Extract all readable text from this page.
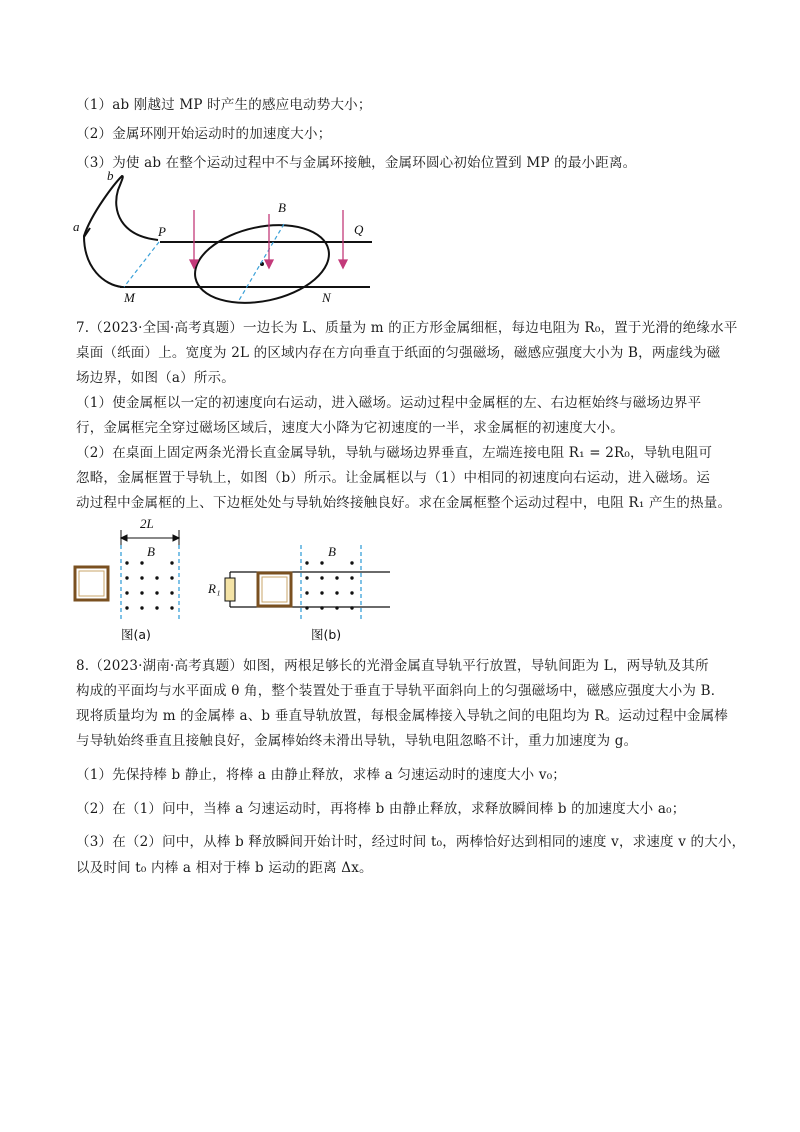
（1）ab 刚越过 MP 时产生的感应电动势大小；
（2）金属环刚开始运动时的加速度大小；
（3）为使 ab 在整个运动过程中不与金属环接触，金属环圆心初始位置到 MP 的最小距离。
b
a	P
B
Q
M	N
7.（2023·全国·高考真题）一边长为 L、质量为 m 的正方形金属细框，每边电阻为 R₀，置于光滑的绝缘水平
桌面（纸面）上。宽度为 2L 的区域内存在方向垂直于纸面的匀强磁场，磁感应强度大小为 B，两虚线为磁
场边界，如图（a）所示。
（1）使金属框以一定的初速度向右运动，进入磁场。运动过程中金属框的左、右边框始终与磁场边界平
行，金属框完全穿过磁场区域后，速度大小降为它初速度的一半，求金属框的初速度大小。
（2）在桌面上固定两条光滑长直金属导轨，导轨与磁场边界垂直，左端连接电阻 R₁ = 2R₀，导轨电阻可
忽略，金属框置于导轨上，如图（b）所示。让金属框以与（1）中相同的初速度向右运动，进入磁场。运
动过程中金属框的上、下边框处处与导轨始终接触良好。求在金属框整个运动过程中，电阻 R₁ 产生的热量。
2L
B	B
R₁
图(a)	图(b)
8.（2023·湖南·高考真题）如图，两根足够长的光滑金属直导轨平行放置，导轨间距为 L，两导轨及其所
构成的平面均与水平面成 θ 角，整个装置处于垂直于导轨平面斜向上的匀强磁场中，磁感应强度大小为 B．
现将质量均为 m 的金属棒 a、b 垂直导轨放置，每根金属棒接入导轨之间的电阻均为 R。运动过程中金属棒
与导轨始终垂直且接触良好，金属棒始终未滑出导轨，导轨电阻忽略不计，重力加速度为 g。
（1）先保持棒 b 静止，将棒 a 由静止释放，求棒 a 匀速运动时的速度大小 v₀；
（2）在（1）问中，当棒 a 匀速运动时，再将棒 b 由静止释放，求释放瞬间棒 b 的加速度大小 a₀；
（3）在（2）问中，从棒 b 释放瞬间开始计时，经过时间 t₀，两棒恰好达到相同的速度 v，求速度 v 的大小，
以及时间 t₀ 内棒 a 相对于棒 b 运动的距离 Δx。
